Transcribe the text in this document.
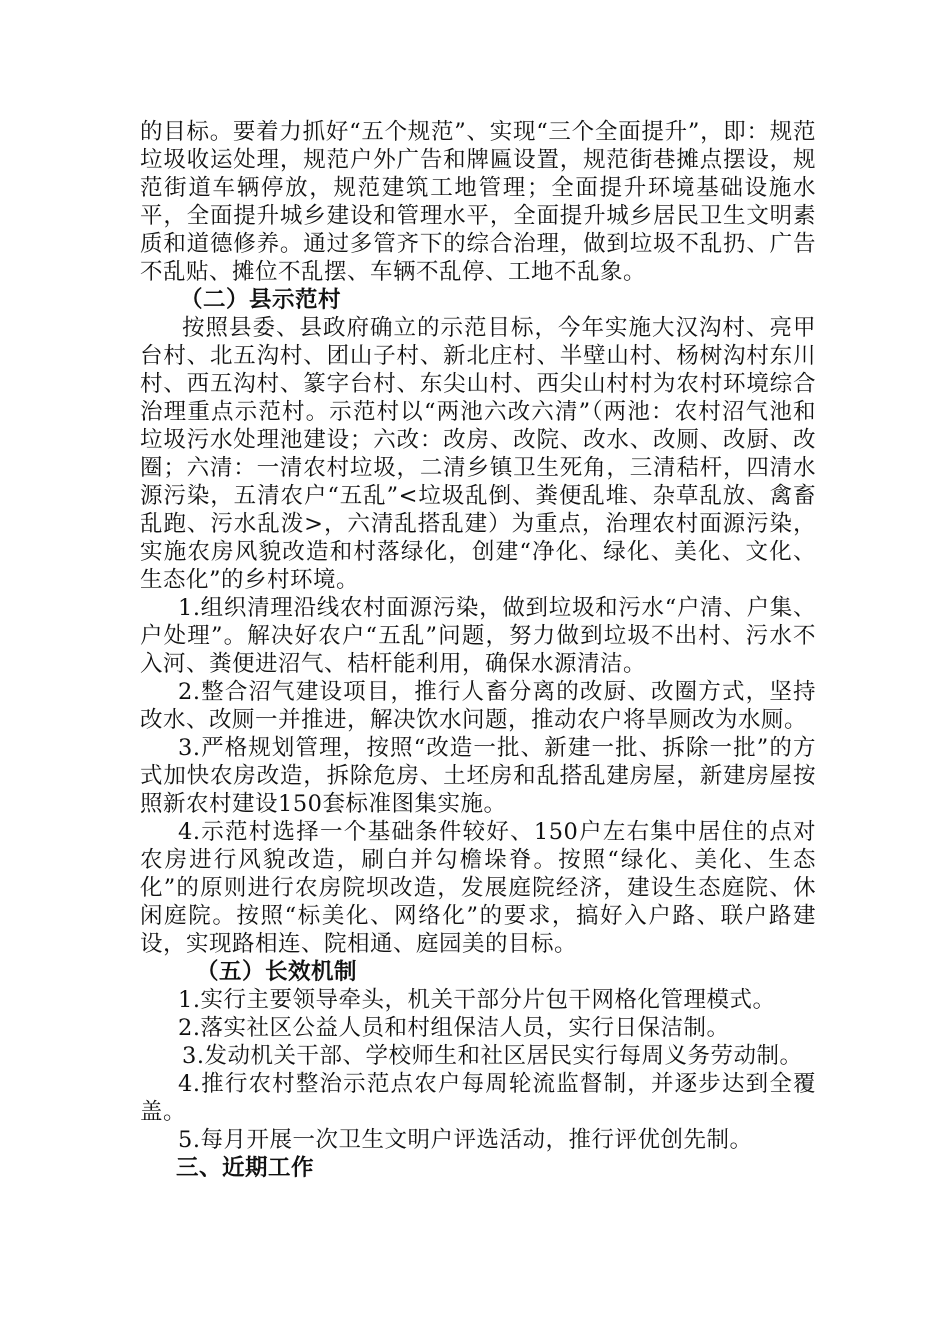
的目标。要着力抓好“五个规范”、实现“三个全面提升”，即：规范垃圾收运处理，规范户外广告和牌匾设置，规范街巷摊点摆设，规范街道车辆停放，规范建筑工地管理；全面提升环境基础设施水平，全面提升城乡建设和管理水平，全面提升城乡居民卫生文明素质和道德修养。通过多管齐下的综合治理，做到垃圾不乱扔、广告不乱贴、摊位不乱摆、车辆不乱停、工地不乱象。

（二）县示范村

按照县委、县政府确立的示范目标，今年实施大汉沟村、亮甲台村、北五沟村、团山子村、新北庄村、半壁山村、杨树沟村东川村、西五沟村、篆字台村、东尖山村、西尖山村村为农村环境综合治理重点示范村。示范村以“两池六改六清”（两池：农村沼气池和垃圾污水处理池建设；六改：改房、改院、改水、改厕、改厨、改圈；六清：一清农村垃圾，二清乡镇卫生死角，三清秸杆，四清水源污染，五清农户“五乱”<垃圾乱倒、粪便乱堆、杂草乱放、禽畜乱跑、污水乱泼>，六清乱搭乱建）为重点，治理农村面源污染，实施农房风貌改造和村落绿化，创建“净化、绿化、美化、文化、生态化”的乡村环境。

1.组织清理沿线农村面源污染，做到垃圾和污水“户清、户集、户处理”。解决好农户“五乱”问题，努力做到垃圾不出村、污水不入河、粪便进沼气、桔杆能利用，确保水源清洁。

2.整合沼气建设项目，推行人畜分离的改厨、改圈方式，坚持改水、改厕一并推进，解决饮水问题，推动农户将旱厕改为水厕。

3.严格规划管理，按照“改造一批、新建一批、拆除一批”的方式加快农房改造，拆除危房、土坯房和乱搭乱建房屋，新建房屋按照新农村建设150套标准图集实施。

4.示范村选择一个基础条件较好、150户左右集中居住的点对农房进行风貌改造，刷白并勾檐垛脊。按照“绿化、美化、生态化”的原则进行农房院坝改造，发展庭院经济，建设生态庭院、休闲庭院。按照“标美化、网络化”的要求，搞好入户路、联户路建设，实现路相连、院相通、庭园美的目标。

（五）长效机制

1.实行主要领导牵头，机关干部分片包干网格化管理模式。

2.落实社区公益人员和村组保洁人员，实行日保洁制。

3.发动机关干部、学校师生和社区居民实行每周义务劳动制。

4.推行农村整治示范点农户每周轮流监督制，并逐步达到全覆盖。

5.每月开展一次卫生文明户评选活动，推行评优创先制。

三、近期工作
